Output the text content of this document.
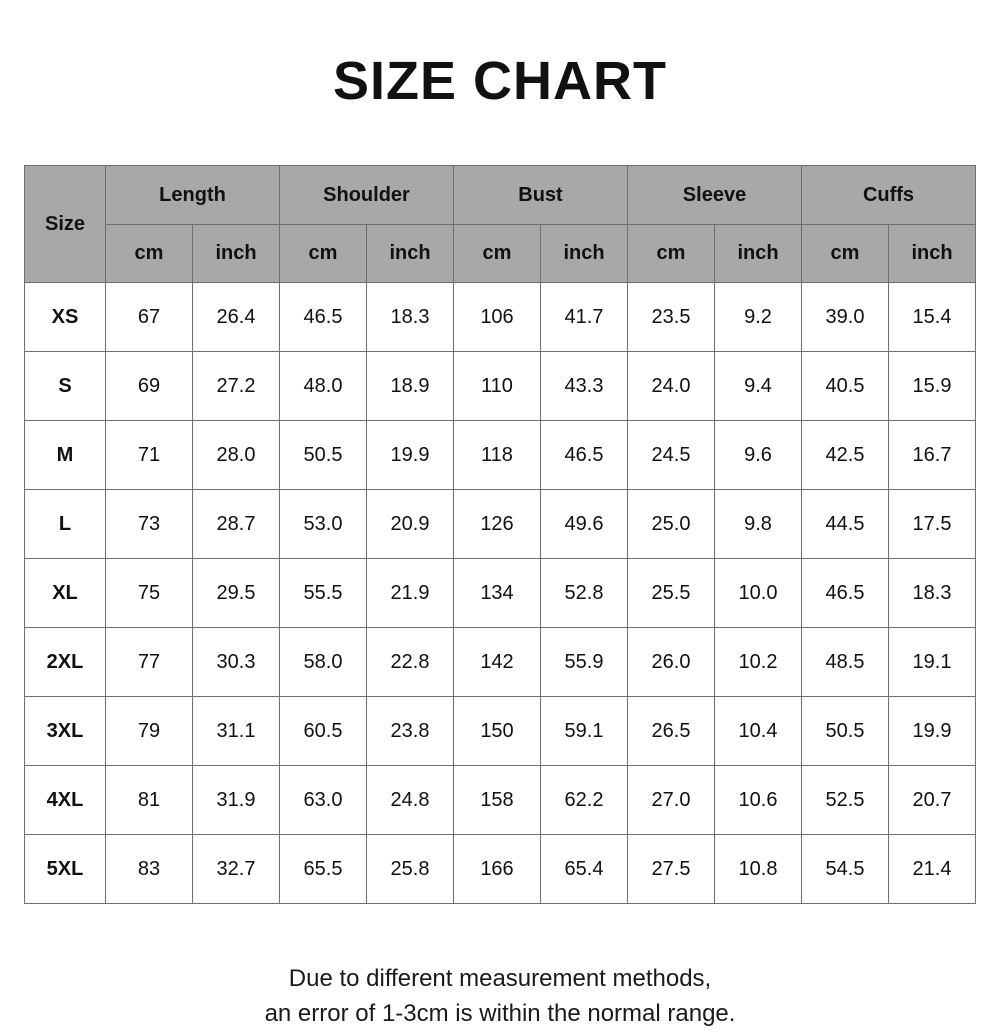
SIZE CHART
Size	Length		Shoulder		Bust		Sleeve		Cuffs	
	cm	inch	cm	inch	cm	inch	cm	inch	cm	inch
XS	67	26.4	46.5	18.3	106	41.7	23.5	9.2	39.0	15.4
S	69	27.2	48.0	18.9	110	43.3	24.0	9.4	40.5	15.9
M	71	28.0	50.5	19.9	118	46.5	24.5	9.6	42.5	16.7
L	73	28.7	53.0	20.9	126	49.6	25.0	9.8	44.5	17.5
XL	75	29.5	55.5	21.9	134	52.8	25.5	10.0	46.5	18.3
2XL	77	30.3	58.0	22.8	142	55.9	26.0	10.2	48.5	19.1
3XL	79	31.1	60.5	23.8	150	59.1	26.5	10.4	50.5	19.9
4XL	81	31.9	63.0	24.8	158	62.2	27.0	10.6	52.5	20.7
5XL	83	32.7	65.5	25.8	166	65.4	27.5	10.8	54.5	21.4
Due to different measurement methods,
an error of 1-3cm is within the normal range.
